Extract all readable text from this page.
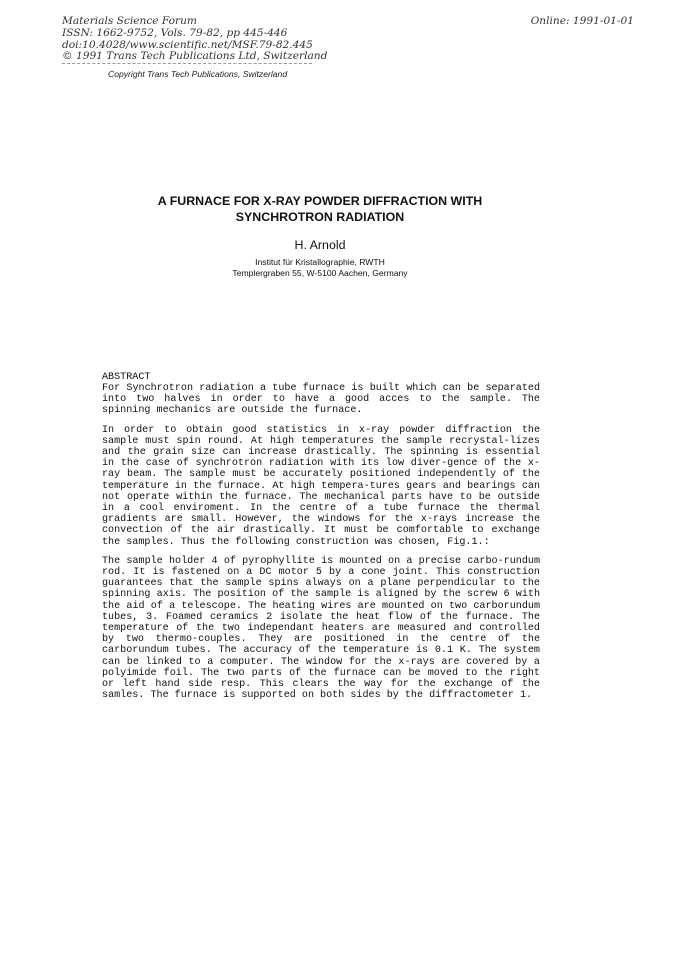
Materials Science Forum
ISSN: 1662-9752, Vols. 79-82, pp 445-446
doi:10.4028/www.scientific.net/MSF.79-82.445
© 1991 Trans Tech Publications Ltd, Switzerland
Online: 1991-01-01
Copyright Trans Tech Publications, Switzerland
A FURNACE FOR X-RAY POWDER DIFFRACTION WITH
SYNCHROTRON RADIATION
H. Arnold
Institut für Kristallographie, RWTH
Templergraben 55, W-5100 Aachen, Germany
ABSTRACT

For Synchrotron radiation a tube furnace is built which can be separated into two halves in order to have a good acces to the sample. The spinning mechanics are outside the furnace.

In order to obtain good statistics in x-ray powder diffraction the sample must spin round. At high temperatures the sample recrystal-lizes and the grain size can increase drastically. The spinning is essential in the case of synchrotron radiation with its low diver-gence of the x-ray beam. The sample must be accurately positioned independently of the temperature in the furnace. At high tempera-tures gears and bearings can not operate within the furnace. The mechanical parts have to be outside in a cool enviroment. In the centre of a tube furnace the thermal gradients are small. However, the windows for the x-rays increase the convection of the air drastically. It must be comfortable to exchange the samples. Thus the following construction was chosen, Fig.1.:

The sample holder 4 of pyrophyllite is mounted on a precise carbo-rundum rod. It is fastened on a DC motor 5 by a cone joint. This construction guarantees that the sample spins always on a plane perpendicular to the spinning axis. The position of the sample is aligned by the screw 6 with the aid of a telescope. The heating wires are mounted on two carborundum tubes, 3. Foamed ceramics 2 isolate the heat flow of the furnace. The temperature of the two independant heaters are measured and controlled by two thermo-couples. They are positioned in the centre of the carborundum tubes. The accuracy of the temperature is 0.1 K. The system can be linked to a computer. The window for the x-rays are covered by a polyimide foil. The two parts of the furnace can be moved to the right or left hand side resp. This clears the way for the exchange of the samles. The furnace is supported on both sides by the diffractometer 1.
